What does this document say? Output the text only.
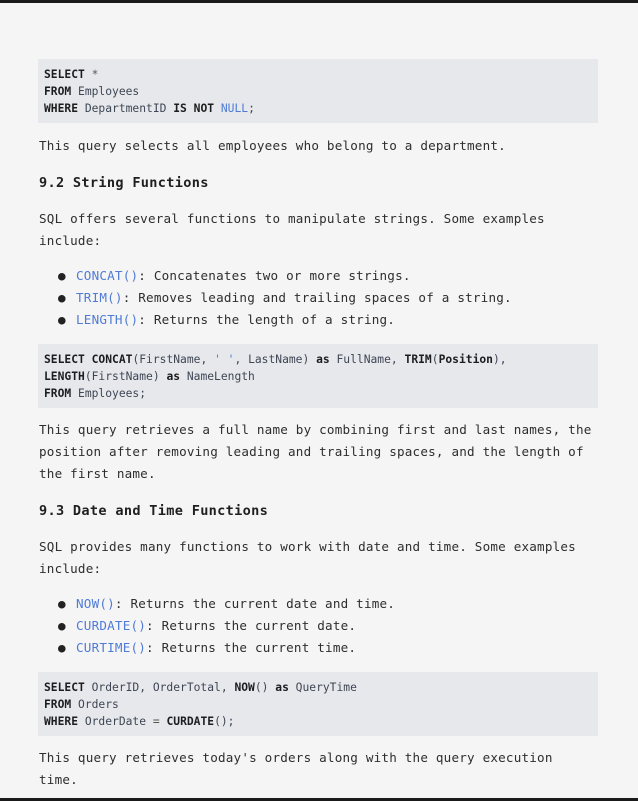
SELECT *
FROM Employees
WHERE DepartmentID IS NOT NULL;

This query selects all employees who belong to a department.

9.2 String Functions

SQL offers several functions to manipulate strings. Some examples include:

● CONCAT(): Concatenates two or more strings.
● TRIM(): Removes leading and trailing spaces of a string.
● LENGTH(): Returns the length of a string.
SELECT CONCAT(FirstName, ' ', LastName) as FullName, TRIM(Position),
LENGTH(FirstName) as NameLength
FROM Employees;

This query retrieves a full name by combining first and last names, the position after removing leading and trailing spaces, and the length of the first name.

9.3 Date and Time Functions

SQL provides many functions to work with date and time. Some examples include:

● NOW(): Returns the current date and time.
● CURDATE(): Returns the current date.
● CURTIME(): Returns the current time.
SELECT OrderID, OrderTotal, NOW() as QueryTime
FROM Orders
WHERE OrderDate = CURDATE();

This query retrieves today's orders along with the query execution time.
